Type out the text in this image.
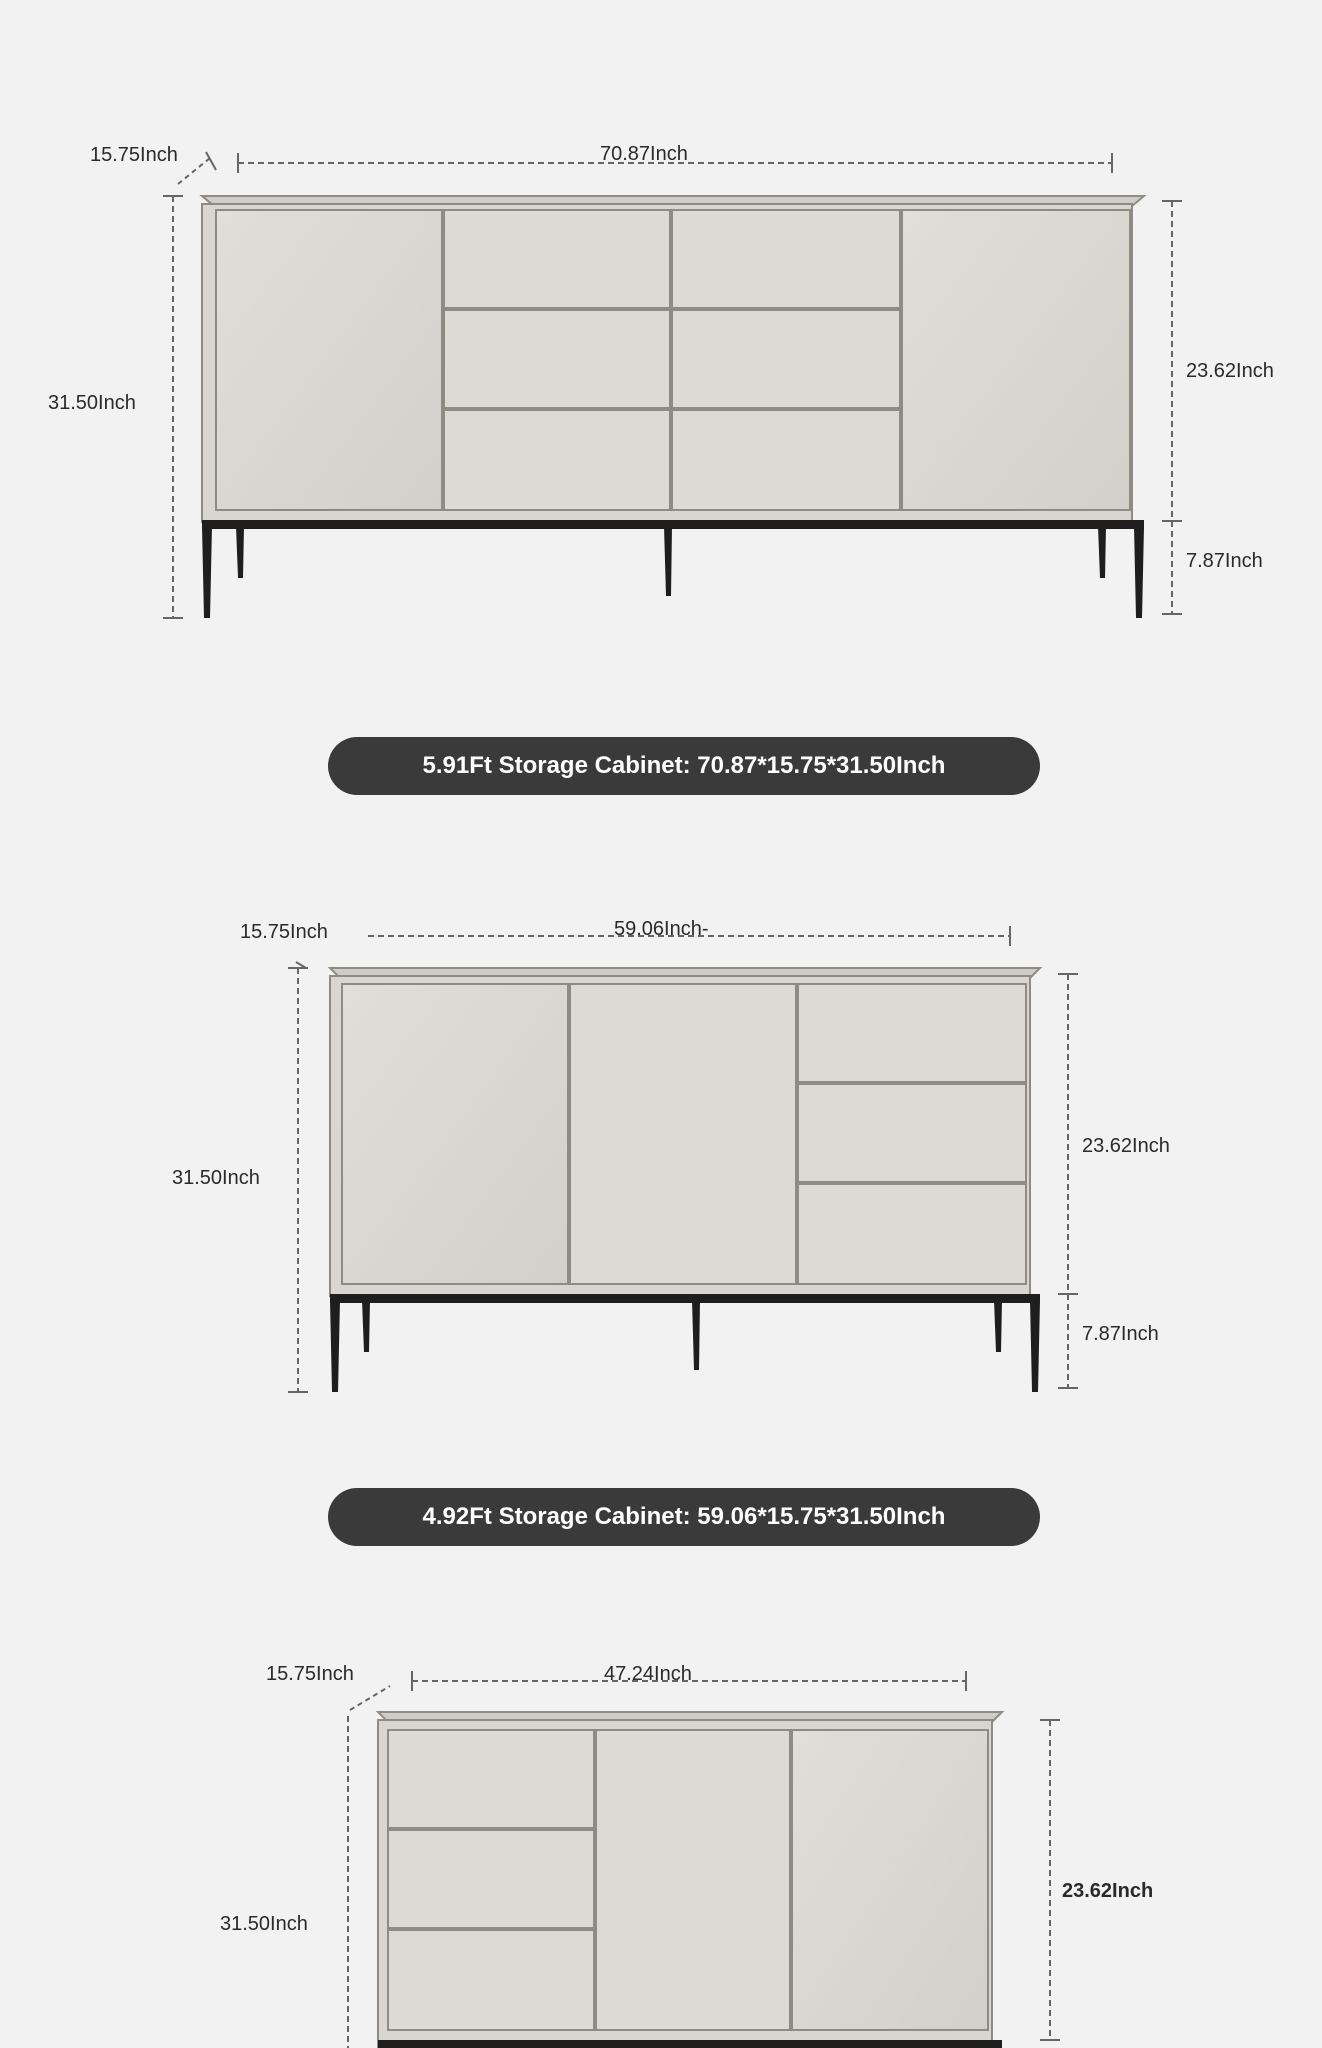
15.75Inch	70.87Inch
31.50Inch
23.62Inch
7.87Inch
5.91Ft Storage Cabinet: 70.87*15.75*31.50Inch
15.75Inch	59.06Inch-
31.50Inch
23.62Inch
7.87Inch
4.92Ft Storage Cabinet: 59.06*15.75*31.50Inch
15.75Inch	47.24Inch
31.50Inch
23.62Inch
